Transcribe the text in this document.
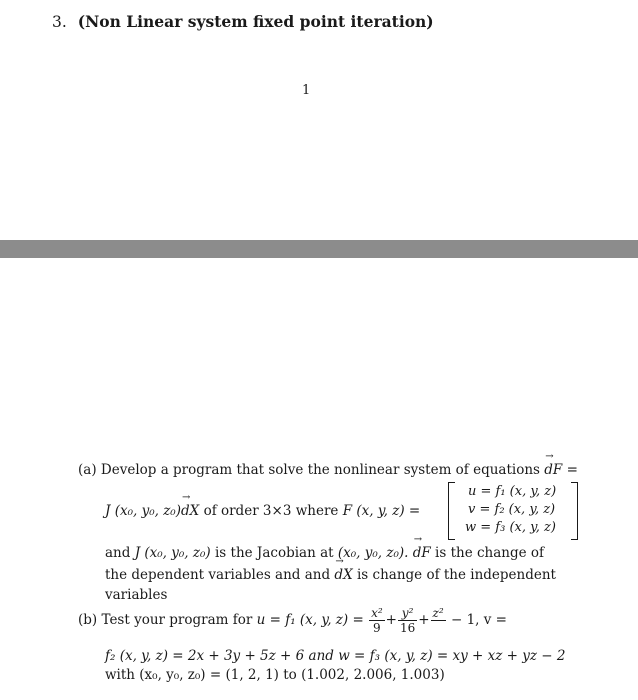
3. (Non Linear system fixed point iteration)
1
(a) Develop a program that solve the nonlinear system of equations dF → =
J (x₀, y₀, z₀)dX → of order 3×3 where F (x, y, z) =
u = f₁ (x, y, z)
v = f₂ (x, y, z)
w = f₃ (x, y, z)
and J (x₀, y₀, z₀) is the Jacobian at (x₀, y₀, z₀). dF → is the change of
the dependent variables and and dX → is change of the independent
variables
(b) Test your program for u = f₁ (x, y, $z) = \frac{\text{x²}}{9} + \frac{\text{y²}}{16} + z^2$
− 1, v =
f₂ (x, y, z) = 2x + 3y + 5z + 6 and w = f₃ (x, y, z) = xy + xz + yz − 2
with (x₀, y₀, z₀) = (1, 2, 1) to (1.002, 2.006, 1.003)
